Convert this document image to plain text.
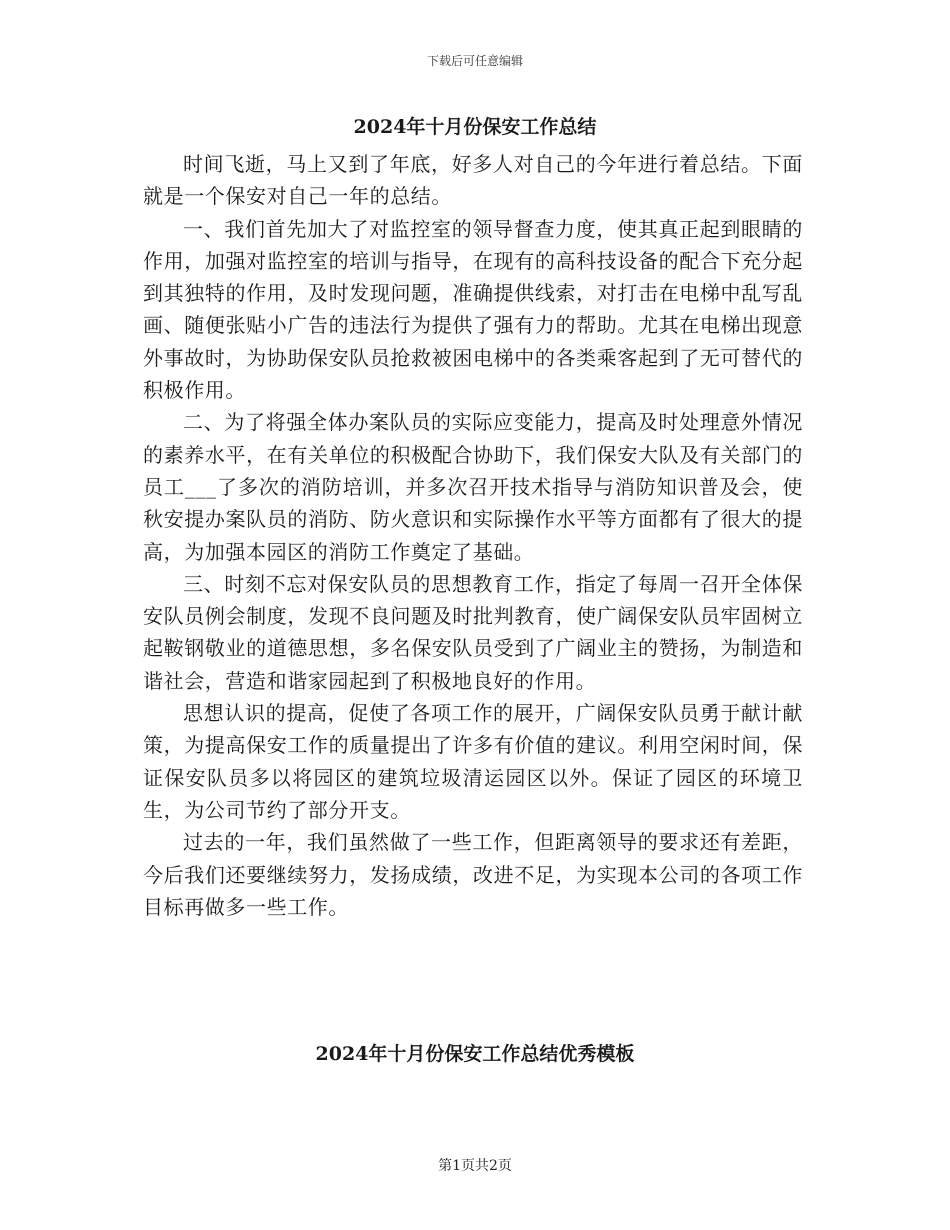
下载后可任意编辑
2024年十月份保安工作总结

时间飞逝，马上又到了年底，好多人对自己的今年进行着总结。下面就是一个保安对自己一年的总结。

一、我们首先加大了对监控室的领导督查力度，使其真正起到眼睛的作用，加强对监控室的培训与指导，在现有的高科技设备的配合下充分起到其独特的作用，及时发现问题，准确提供线索，对打击在电梯中乱写乱画、随便张贴小广告的违法行为提供了强有力的帮助。尤其在电梯出现意外事故时，为协助保安队员抢救被困电梯中的各类乘客起到了无可替代的积极作用。

二、为了将强全体办案队员的实际应变能力，提高及时处理意外情况的素养水平，在有关单位的积极配合协助下，我们保安大队及有关部门的员工___了多次的消防培训，并多次召开技术指导与消防知识普及会，使秋安提办案队员的消防、防火意识和实际操作水平等方面都有了很大的提高，为加强本园区的消防工作奠定了基础。

三、时刻不忘对保安队员的思想教育工作，指定了每周一召开全体保安队员例会制度，发现不良问题及时批判教育，使广阔保安队员牢固树立起鞍钢敬业的道德思想，多名保安队员受到了广阔业主的赞扬，为制造和谐社会，营造和谐家园起到了积极地良好的作用。

思想认识的提高，促使了各项工作的展开，广阔保安队员勇于献计献策，为提高保安工作的质量提出了许多有价值的建议。利用空闲时间，保证保安队员多以将园区的建筑垃圾清运园区以外。保证了园区的环境卫生，为公司节约了部分开支。

过去的一年，我们虽然做了一些工作，但距离领导的要求还有差距，今后我们还要继续努力，发扬成绩，改进不足，为实现本公司的各项工作目标再做多一些工作。

2024年十月份保安工作总结优秀模板
第1页共2页
